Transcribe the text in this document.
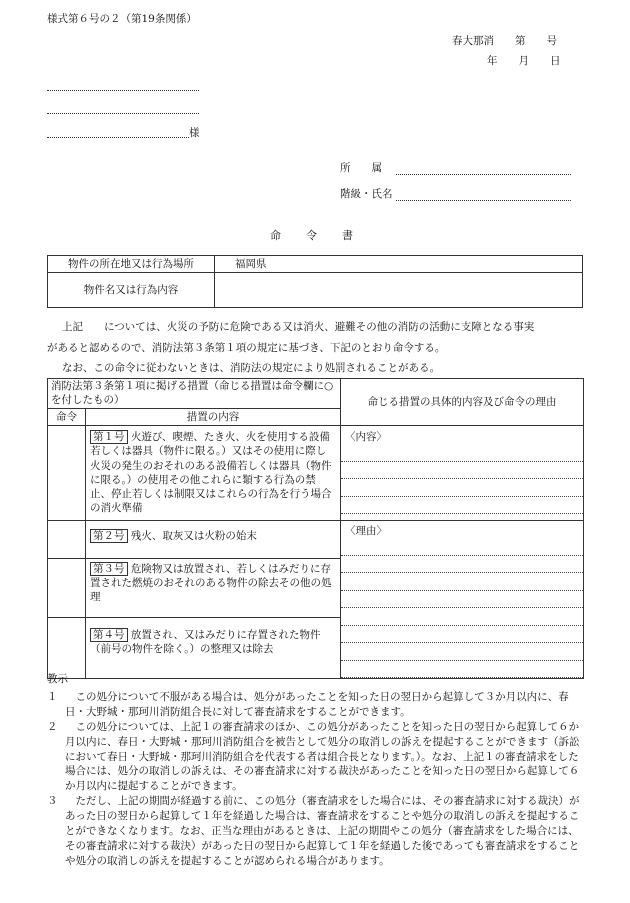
様式第６号の２（第19条関係）
春大那消　　第　　号
年　　月　　日
様
所　　属
階級・氏名
命　　令　　書
物件の所在地又は行為場所	福岡県
物件名又は行為内容	
上記　　については、火災の予防に危険である又は消火、避難その他の消防の活動に支障となる事実
があると認めるので、消防法第３条第１項の規定に基づき、下記のとおり命令する。
なお、この命令に従わないときは、消防法の規定により処罰されることがある。
消防法第３条第１項に掲げる措置（命じる措置は命令欄に○を付したもの）		命じる措置の具体的内容及び命令の理由
命令	措置の内容	
	第１号 火遊び、喫煙、たき火、火を使用する設備若しくは器具（物件に限る。）又はその使用に際し火災の発生のおそれのある設備若しくは器具（物件に限る。）の使用その他これらに類する行為の禁止、停止若しくは制限又はこれらの行為を行う場合の消火準備	〈内容〉

	第２号 残火、取灰又は火粉の始末	〈理由〉

	第３号 危険物又は放置され、若しくはみだりに存置された燃焼のおそれのある物件の除去その他の処理	
	第４号 放置され、又はみだりに存置された物件（前号の物件を除く。）の整理又は除去	

教示

１	この処分について不服がある場合は、処分があったことを知った日の翌日から起算して３か月以内に、春日・大野城・那珂川消防組合長に対して審査請求をすることができます。
２	この処分については、上記１の審査請求のほか、この処分があったことを知った日の翌日から起算して６か月以内に、春日・大野城・那珂川消防組合を被告として処分の取消しの訴えを提起することができます（訴訟において春日・大野城・那珂川消防組合を代表する者は組合長となります。）。なお、上記１の審査請求をした場合には、処分の取消しの訴えは、その審査請求に対する裁決があったことを知った日の翌日から起算して６か月以内に提起することができます。
３	ただし、上記の期間が経過する前に、この処分（審査請求をした場合には、その審査請求に対する裁決）があった日の翌日から起算して１年を経過した場合は、審査請求をすることや処分の取消しの訴えを提起することができなくなります。なお、正当な理由があるときは、上記の期間やこの処分（審査請求をした場合には、その審査請求に対する裁決）があった日の翌日から起算して１年を経過した後であっても審査請求をすることや処分の取消しの訴えを提起することが認められる場合があります。
